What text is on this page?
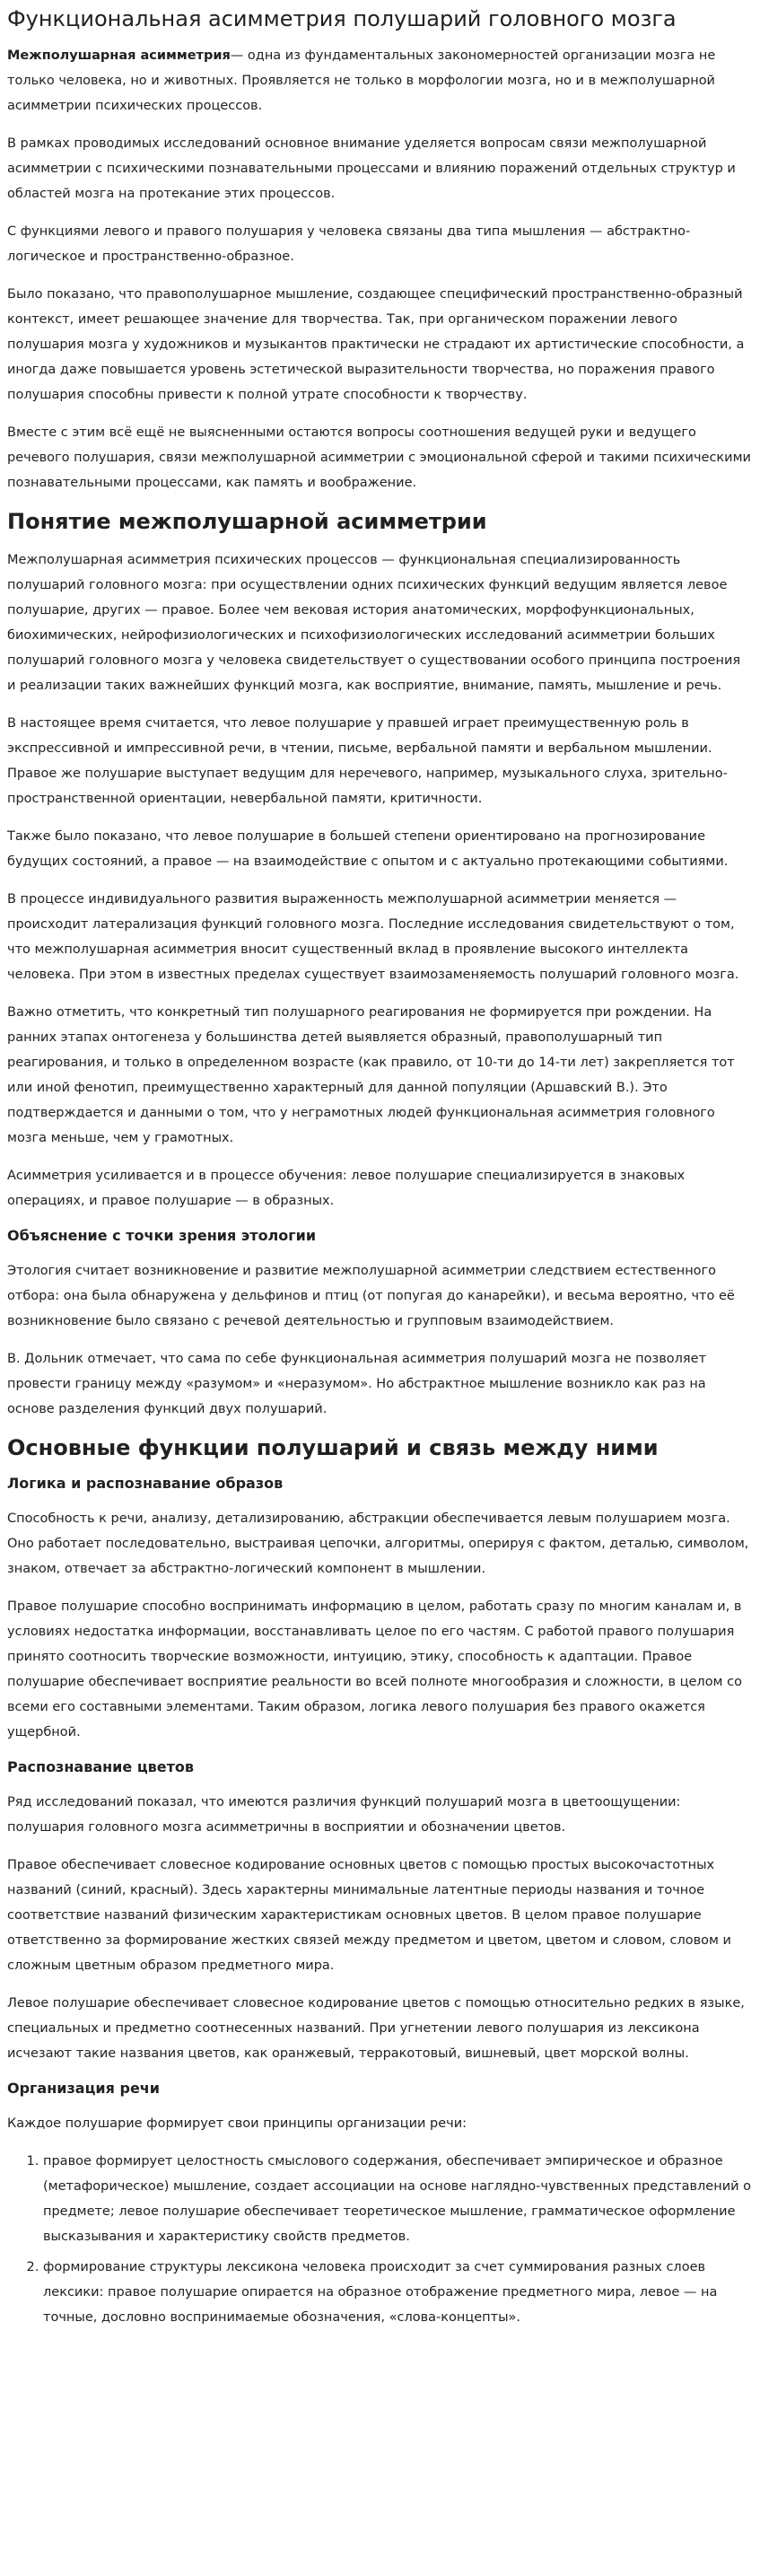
Функциональная асимметрия полушарий головного мозга

Межполушарная асимметрия— одна из фундаментальных закономерностей организации мозга не только человека, но и животных. Проявляется не только в морфологии мозга, но и в межполушарной асимметрии психических процессов.

В рамках проводимых исследований основное внимание уделяется вопросам связи межполушарной асимметрии с психическими познавательными процессами и влиянию поражений отдельных структур и областей мозга на протекание этих процессов.

С функциями левого и правого полушария у человека связаны два типа мышления — абстрактно-логическое и пространственно-образное.

Было показано, что правополушарное мышление, создающее специфический пространственно-образный контекст, имеет решающее значение для творчества. Так, при органическом поражении левого полушария мозга у художников и музыкантов практически не страдают их артистические способности, а иногда даже повышается уровень эстетической выразительности творчества, но поражения правого полушария способны привести к полной утрате способности к творчеству.

Вместе с этим всё ещё не выясненными остаются вопросы соотношения ведущей руки и ведущего речевого полушария, связи межполушарной асимметрии с эмоциональной сферой и такими психическими познавательными процессами, как память и воображение.

Понятие межполушарной асимметрии

Межполушарная асимметрия психических процессов — функциональная специализированность полушарий головного мозга: при осуществлении одних психических функций ведущим является левое полушарие, других — правое. Более чем вековая история анатомических, морфофункциональных, биохимических, нейрофизиологических и психофизиологических исследований асимметрии больших полушарий головного мозга у человека свидетельствует о существовании особого принципа построения и реализации таких важнейших функций мозга, как восприятие, внимание, память, мышление и речь.

В настоящее время считается, что левое полушарие у правшей играет преимущественную роль в экспрессивной и импрессивной речи, в чтении, письме, вербальной памяти и вербальном мышлении. Правое же полушарие выступает ведущим для неречевого, например, музыкального слуха, зрительно-пространственной ориентации, невербальной памяти, критичности.

Также было показано, что левое полушарие в большей степени ориентировано на прогнозирование будущих состояний, а правое — на взаимодействие с опытом и с актуально протекающими событиями.

В процессе индивидуального развития выраженность межполушарной асимметрии меняется — происходит латерализация функций головного мозга. Последние исследования свидетельствуют о том, что межполушарная асимметрия вносит существенный вклад в проявление высокого интеллекта человека. При этом в известных пределах существует взаимозаменяемость полушарий головного мозга.

Важно отметить, что конкретный тип полушарного реагирования не формируется при рождении. На ранних этапах онтогенеза у большинства детей выявляется образный, правополушарный тип реагирования, и только в определенном возрасте (как правило, от 10-ти до 14-ти лет) закрепляется тот или иной фенотип, преимущественно характерный для данной популяции (Аршавский В.). Это подтверждается и данными о том, что у неграмотных людей функциональная асимметрия головного мозга меньше, чем у грамотных.

Асимметрия усиливается и в процессе обучения: левое полушарие специализируется в знаковых операциях, и правое полушарие — в образных.

Объяснение с точки зрения этологии

Этология считает возникновение и развитие межполушарной асимметрии следствием естественного отбора: она была обнаружена у дельфинов и птиц (от попугая до канарейки), и весьма вероятно, что её возникновение было связано с речевой деятельностью и групповым взаимодействием.

В. Дольник отмечает, что сама по себе функциональная асимметрия полушарий мозга не позволяет провести границу между «разумом» и «неразумом». Но абстрактное мышление возникло как раз на основе разделения функций двух полушарий.

Основные функции полушарий и связь между ними
Логика и распознавание образов

Способность к речи, анализу, детализированию, абстракции обеспечивается левым полушарием мозга. Оно работает последовательно, выстраивая цепочки, алгоритмы, оперируя с фактом, деталью, символом, знаком, отвечает за абстрактно-логический компонент в мышлении.

Правое полушарие способно воспринимать информацию в целом, работать сразу по многим каналам и, в условиях недостатка информации, восстанавливать целое по его частям. С работой правого полушария принято соотносить творческие возможности, интуицию, этику, способность к адаптации. Правое полушарие обеспечивает восприятие реальности во всей полноте многообразия и сложности, в целом со всеми его составными элементами. Таким образом, логика левого полушария без правого окажется ущербной.

Распознавание цветов

Ряд исследований показал, что имеются различия функций полушарий мозга в цветоощущении: полушария головного мозга асимметричны в восприятии и обозначении цветов.

Правое обеспечивает словесное кодирование основных цветов с помощью простых высокочастотных названий (синий, красный). Здесь характерны минимальные латентные периоды названия и точное соответствие названий физическим характеристикам основных цветов. В целом правое полушарие ответственно за формирование жестких связей между предметом и цветом, цветом и словом, словом и сложным цветным образом предметного мира.

Левое полушарие обеспечивает словесное кодирование цветов с помощью относительно редких в языке, специальных и предметно соотнесенных названий. При угнетении левого полушария из лексикона исчезают такие названия цветов, как оранжевый, терракотовый, вишневый, цвет морской волны.

Организация речи

Каждое полушарие формирует свои принципы организации речи:

1. правое формирует целостность смыслового содержания, обеспечивает эмпирическое и образное (метафорическое) мышление, создает ассоциации на основе наглядно-чувственных представлений о предмете; левое полушарие обеспечивает теоретическое мышление, грамматическое оформление высказывания и характеристику свойств предметов.
2. формирование структуры лексикона человека происходит за счет суммирования разных слоев лексики: правое полушарие опирается на образное отображение предметного мира, левое — на точные, дословно воспринимаемые обозначения, «слова-концепты».
